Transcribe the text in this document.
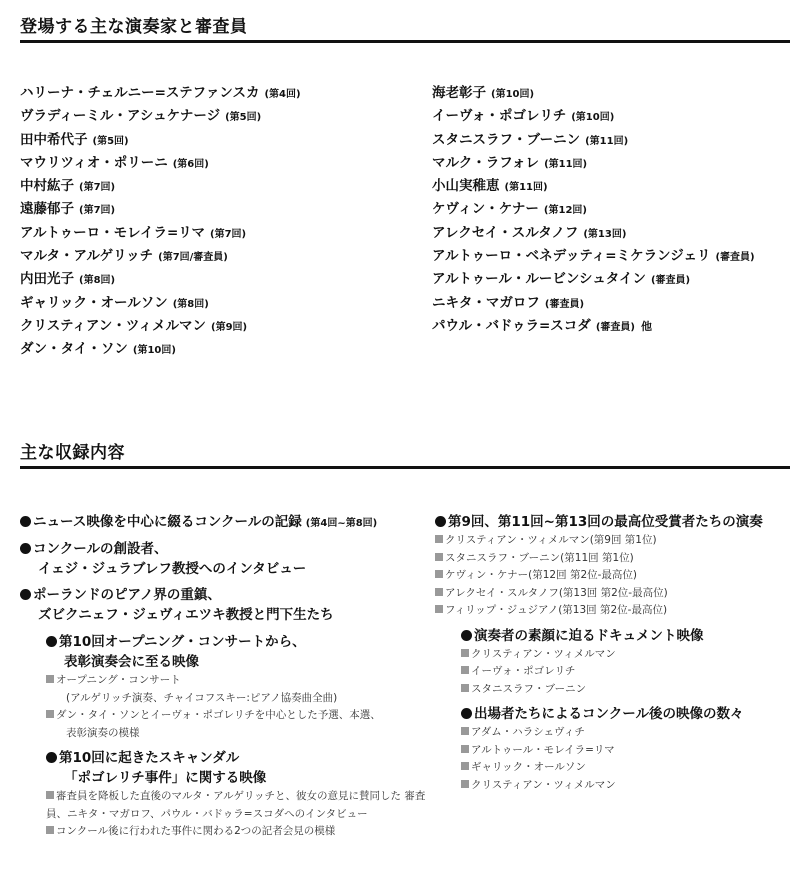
登場する主な演奏家と審査員
ハリーナ・チェルニー=ステファンスカ (第4回)
ヴラディーミル・アシュケナージ (第5回)
田中希代子 (第5回)
マウリツィオ・ポリーニ (第6回)
中村紘子 (第7回)
遠藤郁子 (第7回)
アルトゥーロ・モレイラ=リマ (第7回)
マルタ・アルゲリッチ (第7回/審査員)
内田光子 (第8回)
ギャリック・オールソン (第8回)
クリスティアン・ツィメルマン (第9回)
ダン・タイ・ソン (第10回)
海老彰子 (第10回)
イーヴォ・ポゴレリチ (第10回)
スタニスラフ・ブーニン (第11回)
マルク・ラフォレ (第11回)
小山実稚恵 (第11回)
ケヴィン・ケナー (第12回)
アレクセイ・スルタノフ (第13回)
アルトゥーロ・ベネデッティ=ミケランジェリ (審査員)
アルトゥール・ルービンシュタイン (審査員)
ニキタ・マガロフ (審査員)
パウル・バドゥラ=スコダ (審査員) 他
主な収録内容
ニュース映像を中心に綴るコンクールの記録 (第4回~第8回)
コンクールの創設者、
イェジ・ジュラブレフ教授へのインタビュー
ポーランドのピアノ界の重鎮、
ズビクニェフ・ジェヴィエツキ教授と門下生たち
第10回オープニング・コンサートから、
表彰演奏会に至る映像
オープニング・コンサート
(アルゲリッチ演奏、チャイコフスキー:ピアノ協奏曲全曲)
ダン・タイ・ソンとイーヴォ・ポゴレリチを中心とした予選、本選、
表彰演奏の模様
第10回に起きたスキャンダル
「ポゴレリチ事件」に関する映像
審査員を降板した直後のマルタ・アルゲリッチと、彼女の意見に賛同した 審査員、ニキタ・マガロフ、パウル・バドゥラ=スコダへのインタビュー
コンクール後に行われた事件に関わる2つの記者会見の模様
第9回、第11回~第13回の最高位受賞者たちの演奏
クリスティアン・ツィメルマン(第9回 第1位)
スタニスラフ・ブーニン(第11回 第1位)
ケヴィン・ケナー(第12回 第2位-最高位)
アレクセイ・スルタノフ(第13回 第2位-最高位)
フィリップ・ジュジアノ(第13回 第2位-最高位)
演奏者の素顔に迫るドキュメント映像
クリスティアン・ツィメルマン
イーヴォ・ポゴレリチ
スタニスラフ・ブーニン
出場者たちによるコンクール後の映像の数々
アダム・ハラシェヴィチ
アルトゥール・モレイラ=リマ
ギャリック・オールソン
クリスティアン・ツィメルマン
